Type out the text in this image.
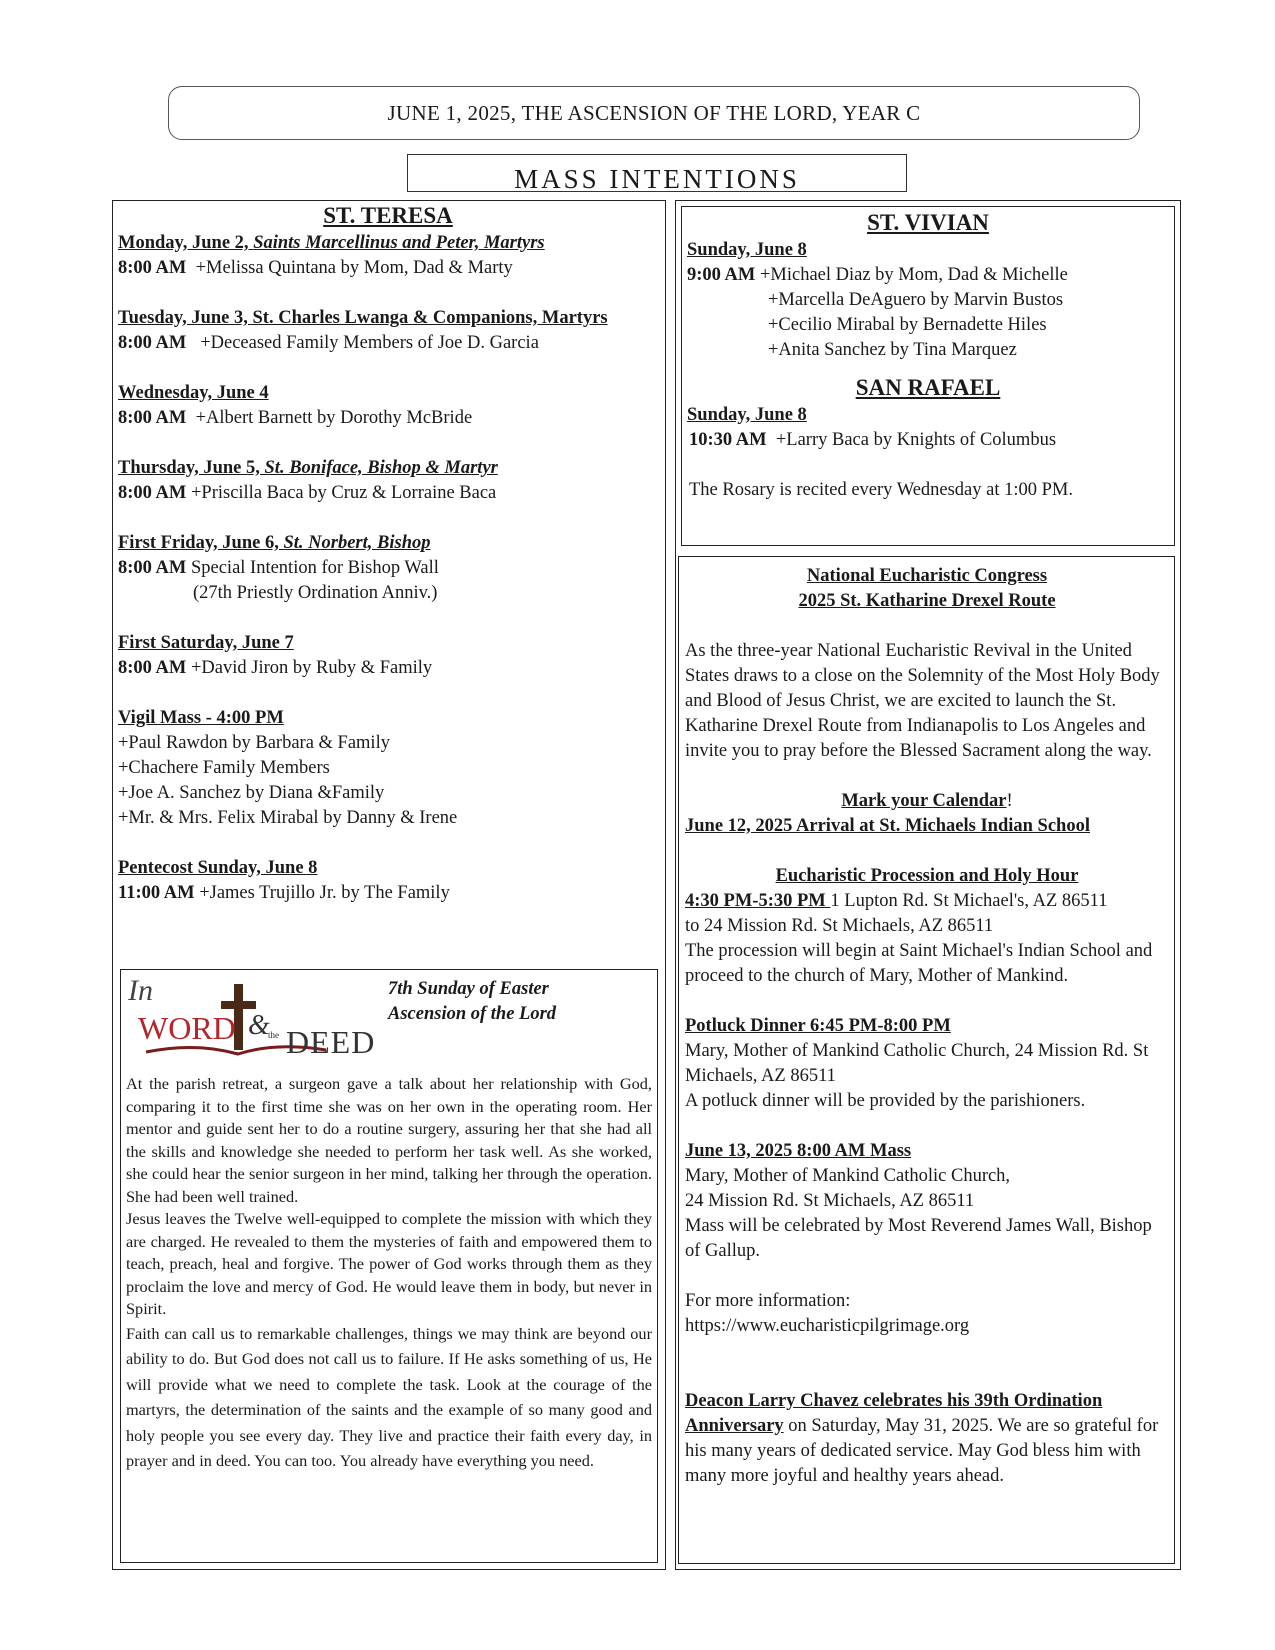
JUNE 1, 2025, THE ASCENSION OF THE LORD, YEAR C
MASS INTENTIONS
ST. TERESA
Monday, June 2, Saints Marcellinus and Peter, Martyrs
8:00 AM +Melissa Quintana by Mom, Dad & Marty
Tuesday, June 3, St. Charles Lwanga & Companions, Martyrs
8:00 AM +Deceased Family Members of Joe D. Garcia
Wednesday, June 4
8:00 AM +Albert Barnett by Dorothy McBride
Thursday, June 5, St. Boniface, Bishop & Martyr
8:00 AM +Priscilla Baca by Cruz & Lorraine Baca
First Friday, June 6, St. Norbert, Bishop
8:00 AM Special Intention for Bishop Wall
(27th Priestly Ordination Anniv.)
First Saturday, June 7
8:00 AM +David Jiron by Ruby & Family
Vigil Mass - 4:00 PM
+Paul Rawdon by Barbara & Family
+Chachere Family Members
+Joe A. Sanchez by Diana &Family
+Mr. & Mrs. Felix Mirabal by Danny & Irene
Pentecost Sunday, June 8
11:00 AM +James Trujillo Jr. by The Family
In
WORD &
the DEED
7th Sunday of Easter
Ascension of the Lord
At the parish retreat, a surgeon gave a talk about her relationship with God, comparing it to the first time she was on her own in the operating room. Her mentor and guide sent her to do a routine surgery, assuring her that she had all the skills and knowledge she needed to perform her task well. As she worked, she could hear the senior surgeon in her mind, talking her through the operation. She had been well trained.
Jesus leaves the Twelve well-equipped to complete the mission with which they are charged. He revealed to them the mysteries of faith and empowered them to teach, preach, heal and forgive. The power of God works through them as they proclaim the love and mercy of God. He would leave them in body, but never in Spirit.
Faith can call us to remarkable challenges, things we may think are beyond our ability to do. But God does not call us to failure. If He asks something of us, He will provide what we need to complete the task. Look at the courage of the martyrs, the determination of the saints and the example of so many good and holy people you see every day. They live and practice their faith every day, in prayer and in deed. You can too. You already have everything you need.
ST. VIVIAN
Sunday, June 8
9:00 AM +Michael Diaz by Mom, Dad & Michelle
+Marcella DeAguero by Marvin Bustos
+Cecilio Mirabal by Bernadette Hiles
+Anita Sanchez by Tina Marquez
SAN RAFAEL
Sunday, June 8
10:30 AM +Larry Baca by Knights of Columbus
The Rosary is recited every Wednesday at 1:00 PM.
National Eucharistic Congress
2025 St. Katharine Drexel Route
As the three-year National Eucharistic Revival in the United States draws to a close on the Solemnity of the Most Holy Body and Blood of Jesus Christ, we are excited to launch the St. Katharine Drexel Route from Indianapolis to Los Angeles and invite you to pray before the Blessed Sacrament along the way.
Mark your Calendar!
June 12, 2025 Arrival at St. Michaels Indian School
Eucharistic Procession and Holy Hour
4:30 PM-5:30 PM 1 Lupton Rd. St Michael's, AZ 86511
to 24 Mission Rd. St Michaels, AZ 86511
The procession will begin at Saint Michael's Indian School and proceed to the church of Mary, Mother of Mankind.
Potluck Dinner 6:45 PM-8:00 PM
Mary, Mother of Mankind Catholic Church, 24 Mission Rd. St Michaels, AZ 86511
A potluck dinner will be provided by the parishioners.
June 13, 2025 8:00 AM Mass
Mary, Mother of Mankind Catholic Church,
24 Mission Rd. St Michaels, AZ 86511
Mass will be celebrated by Most Reverend James Wall, Bishop of Gallup.
For more information:
https://www.eucharisticpilgrimage.org
Deacon Larry Chavez celebrates his 39th Ordination Anniversary on Saturday, May 31, 2025. We are so grateful for his many years of dedicated service. May God bless him with many more joyful and healthy years ahead.
